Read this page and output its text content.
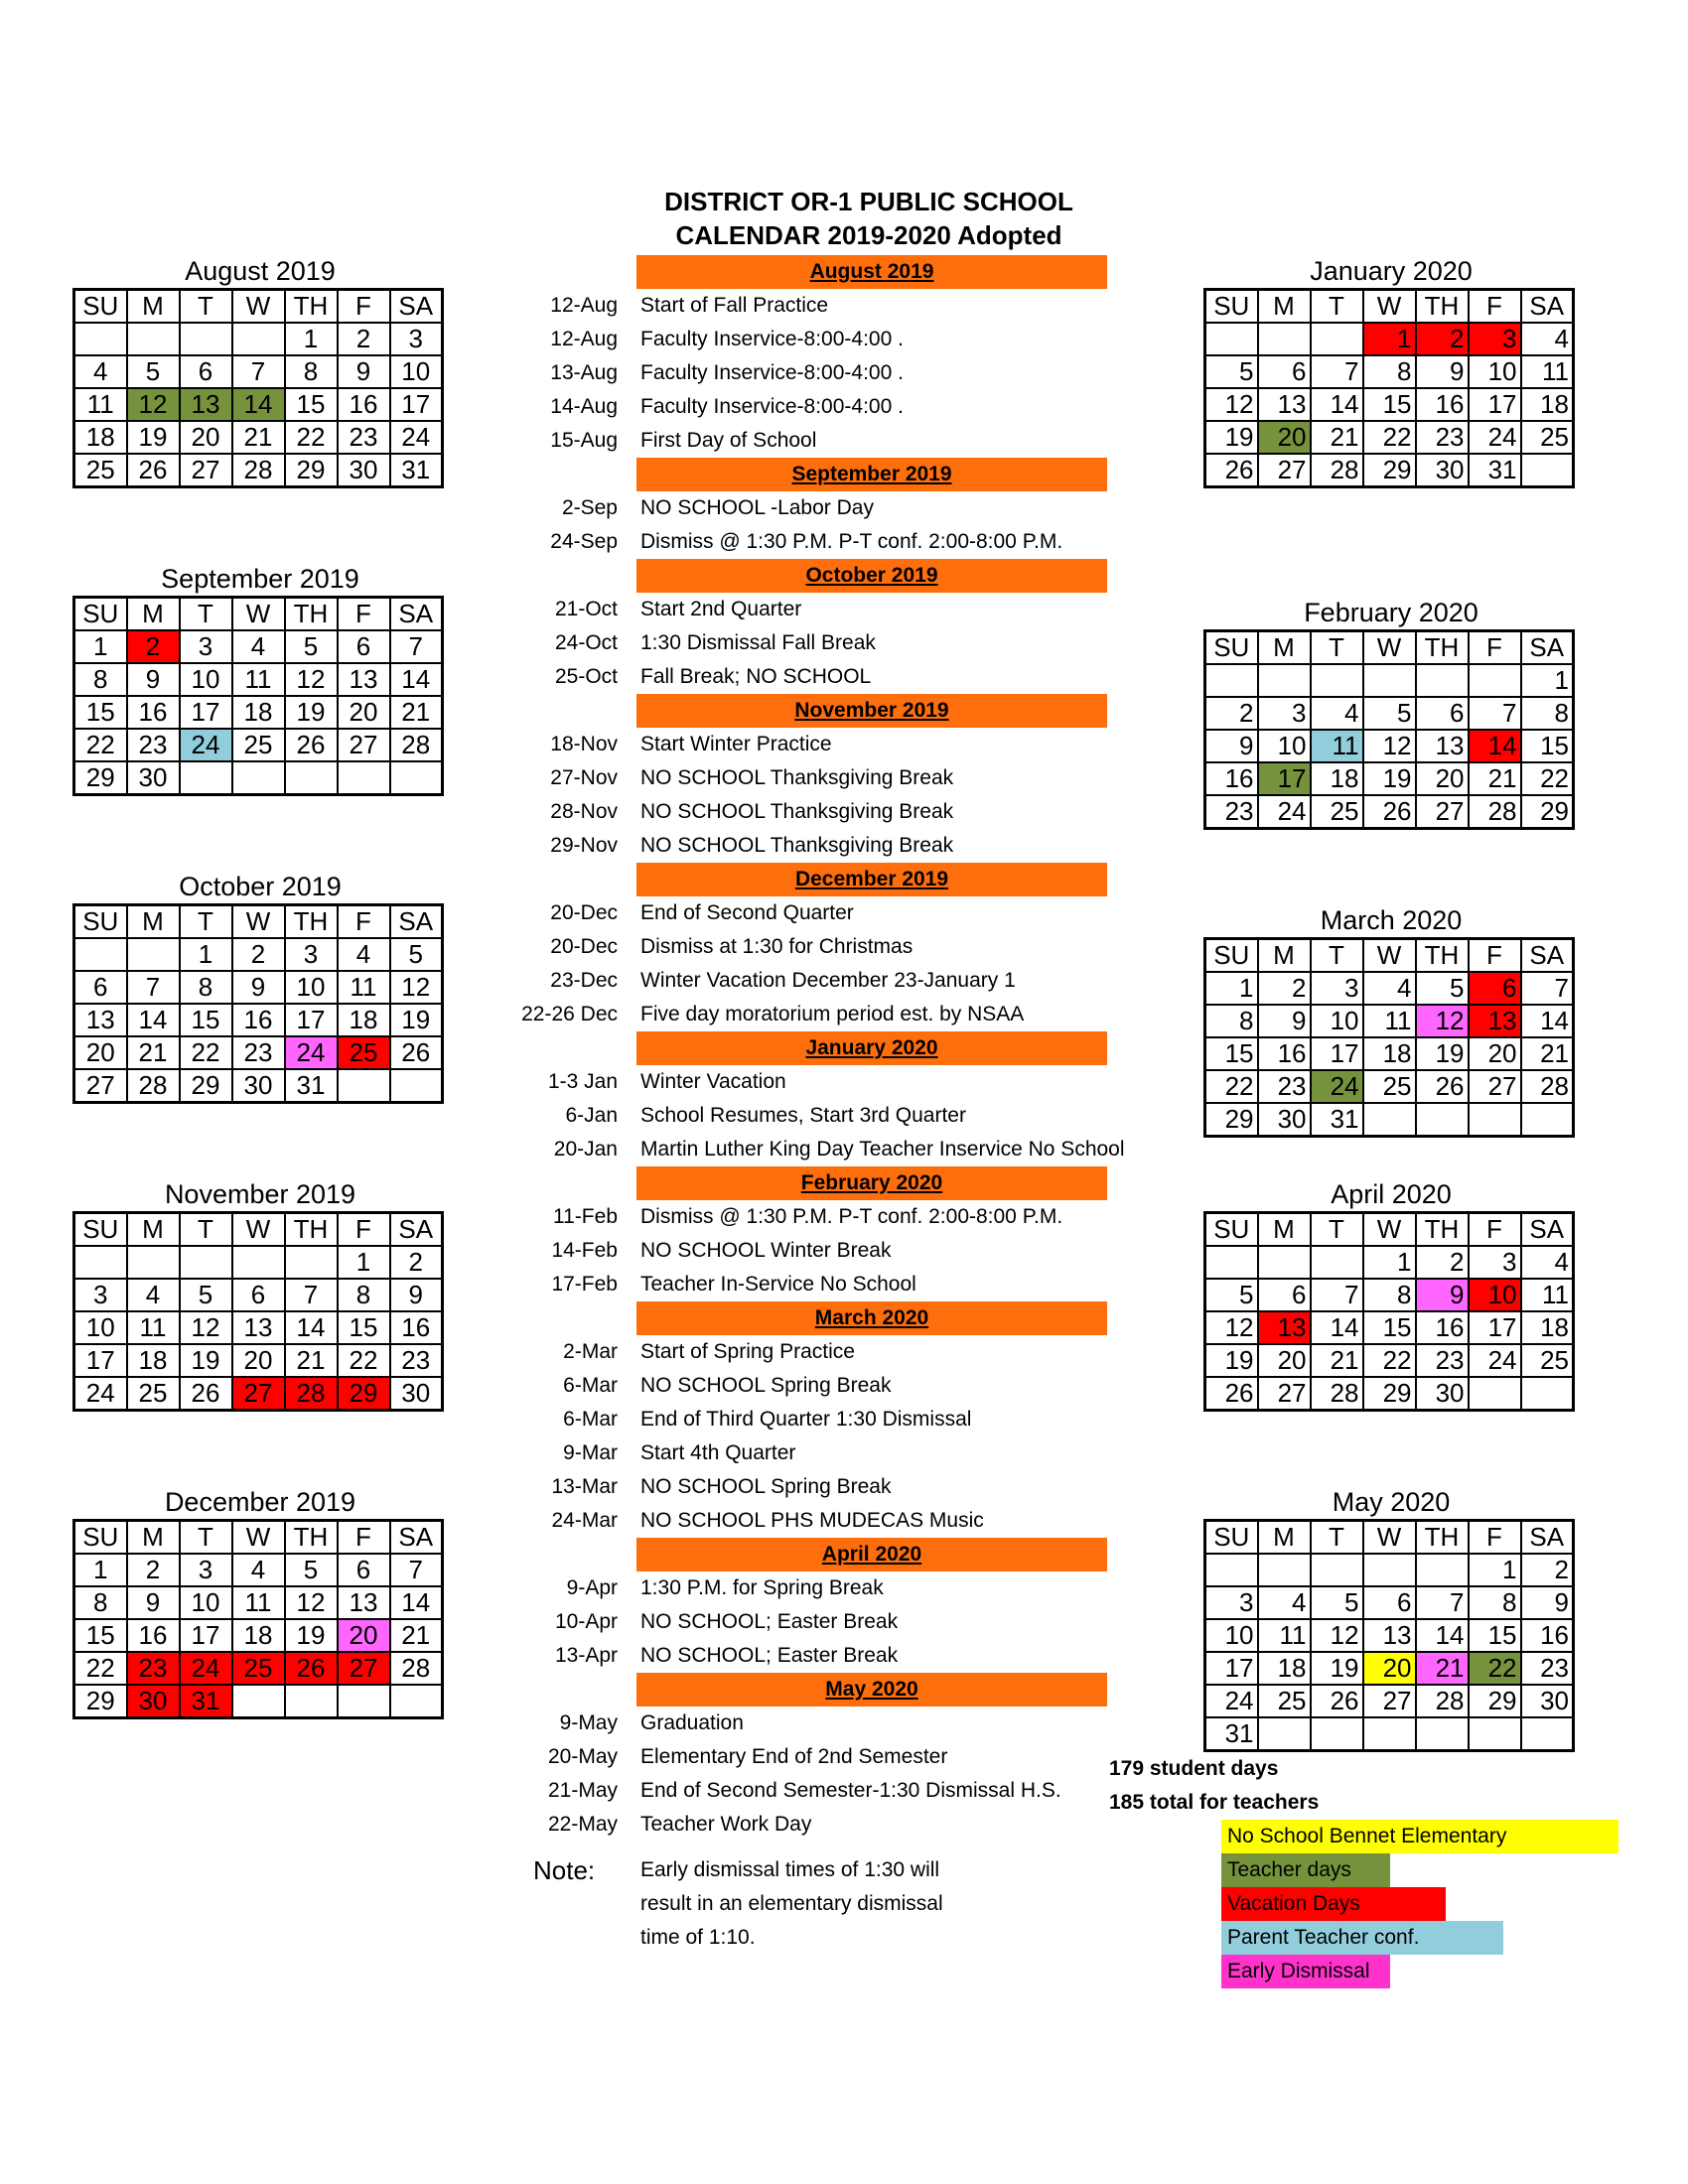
DISTRICT OR-1 PUBLIC SCHOOL
CALENDAR 2019-2020 Adopted
August 2019
SU	M	T	W	TH	F	SA
				1	2	3
4	5	6	7	8	9	10
11	12	13	14	15	16	17
18	19	20	21	22	23	24
25	26	27	28	29	30	31
September 2019
SU	M	T	W	TH	F	SA
1	2	3	4	5	6	7
8	9	10	11	12	13	14
15	16	17	18	19	20	21
22	23	24	25	26	27	28
29	30					
October 2019
SU	M	T	W	TH	F	SA
		1	2	3	4	5
6	7	8	9	10	11	12
13	14	15	16	17	18	19
20	21	22	23	24	25	26
27	28	29	30	31		
November 2019
SU	M	T	W	TH	F	SA
					1	2
3	4	5	6	7	8	9
10	11	12	13	14	15	16
17	18	19	20	21	22	23
24	25	26	27	28	29	30
December 2019
SU	M	T	W	TH	F	SA
1	2	3	4	5	6	7
8	9	10	11	12	13	14
15	16	17	18	19	20	21
22	23	24	25	26	27	28
29	30	31				
January 2020
SU	M	T	W	TH	F	SA
			1	2	3	4
5	6	7	8	9	10	11
12	13	14	15	16	17	18
19	20	21	22	23	24	25
26	27	28	29	30	31	
February 2020
SU	M	T	W	TH	F	SA
						1
2	3	4	5	6	7	8
9	10	11	12	13	14	15
16	17	18	19	20	21	22
23	24	25	26	27	28	29
March 2020
SU	M	T	W	TH	F	SA
1	2	3	4	5	6	7
8	9	10	11	12	13	14
15	16	17	18	19	20	21
22	23	24	25	26	27	28
29	30	31				
April 2020
SU	M	T	W	TH	F	SA
			1	2	3	4
5	6	7	8	9	10	11
12	13	14	15	16	17	18
19	20	21	22	23	24	25
26	27	28	29	30		
May 2020
SU	M	T	W	TH	F	SA
					1	2
3	4	5	6	7	8	9
10	11	12	13	14	15	16
17	18	19	20	21	22	23
24	25	26	27	28	29	30
31						
August 2019
12-Aug Start of Fall Practice
12-Aug Faculty Inservice-8:00-4:00 .
13-Aug Faculty Inservice-8:00-4:00 .
14-Aug Faculty Inservice-8:00-4:00 .
15-Aug First Day of School
September 2019
2-Sep NO SCHOOL -Labor Day
24-Sep Dismiss @ 1:30 P.M. P-T conf. 2:00-8:00 P.M.
October 2019
21-Oct Start 2nd Quarter
24-Oct 1:30 Dismissal Fall Break
25-Oct Fall Break; NO SCHOOL
November 2019
18-Nov Start Winter Practice
27-Nov NO SCHOOL Thanksgiving Break
28-Nov NO SCHOOL Thanksgiving Break
29-Nov NO SCHOOL Thanksgiving Break
December 2019
20-Dec End of Second Quarter
20-Dec Dismiss at 1:30 for Christmas
23-Dec Winter Vacation December 23-January 1
22-26 Dec Five day moratorium period est. by NSAA
January 2020
1-3 Jan Winter Vacation
6-Jan School Resumes, Start 3rd Quarter
20-Jan Martin Luther King Day Teacher Inservice No School
February 2020
11-Feb Dismiss @ 1:30 P.M. P-T conf. 2:00-8:00 P.M.
14-Feb NO SCHOOL Winter Break
17-Feb Teacher In-Service No School
March 2020
2-Mar Start of Spring Practice
6-Mar NO SCHOOL Spring Break
6-Mar End of Third Quarter 1:30 Dismissal
9-Mar Start 4th Quarter
13-Mar NO SCHOOL Spring Break
24-Mar NO SCHOOL PHS MUDECAS Music
April 2020
9-Apr 1:30 P.M. for Spring Break
10-Apr NO SCHOOL; Easter Break
13-Apr NO SCHOOL; Easter Break
May 2020
9-May Graduation
20-May Elementary End of 2nd Semester
21-May End of Second Semester-1:30 Dismissal H.S.
22-May Teacher Work Day
Note: Early dismissal times of 1:30 will
result in an elementary dismissal
time of 1:10.
179 student days
185 total for teachers
No School Bennet Elementary
Teacher days
Vacation Days
Parent Teacher conf.
Early Dismissal
